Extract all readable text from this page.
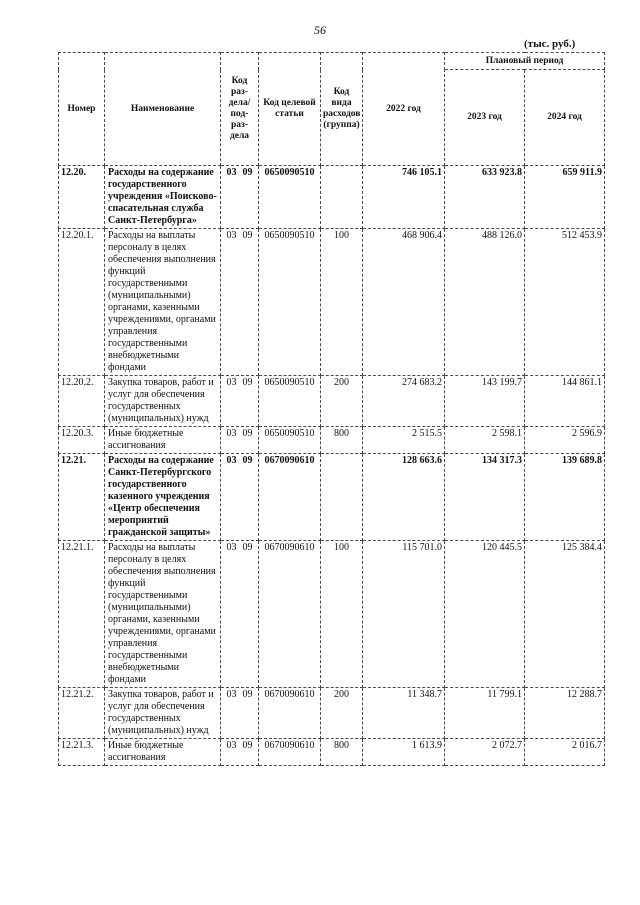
56
(тыс. руб.)
Номер	Наименование	Код раз-дела/под-раз-дела	Код целевой статьи	Код вида расходов (группа)	2022 год	Плановый период	
						2023 год	2024 год
12.20.	Расходы на содержание государственного учреждения «Поисково-спасательная служба Санкт-Петербурга»	03 09	0650090510		746 105.1	633 923.8	659 911.9
12.20.1.	Расходы на выплаты персоналу в целях обеспечения выполнения функций государственными (муниципальными) органами, казенными учреждениями, органами управления государственными внебюджетными фондами	03 09	0650090510	100	468 906.4	488 126.0	512 453.9
12.20.2.	Закупка товаров, работ и услуг для обеспечения государственных (муниципальных) нужд	03 09	0650090510	200	274 683.2	143 199.7	144 861.1
12.20.3.	Иные бюджетные ассигнования	03 09	0650090510	800	2 515.5	2 598.1	2 596.9
12.21.	Расходы на содержание Санкт-Петербургского государственного казенного учреждения «Центр обеспечения мероприятий гражданской защиты»	03 09	0670090610		128 663.6	134 317.3	139 689.8
12.21.1.	Расходы на выплаты персоналу в целях обеспечения выполнения функций государственными (муниципальными) органами, казенными учреждениями, органами управления государственными внебюджетными фондами	03 09	0670090610	100	115 701.0	120 445.5	125 384.4
12.21.2.	Закупка товаров, работ и услуг для обеспечения государственных (муниципальных) нужд	03 09	0670090610	200	11 348.7	11 799.1	12 288.7
12.21.3.	Иные бюджетные ассигнования	03 09	0670090610	800	1 613.9	2 072.7	2 016.7
